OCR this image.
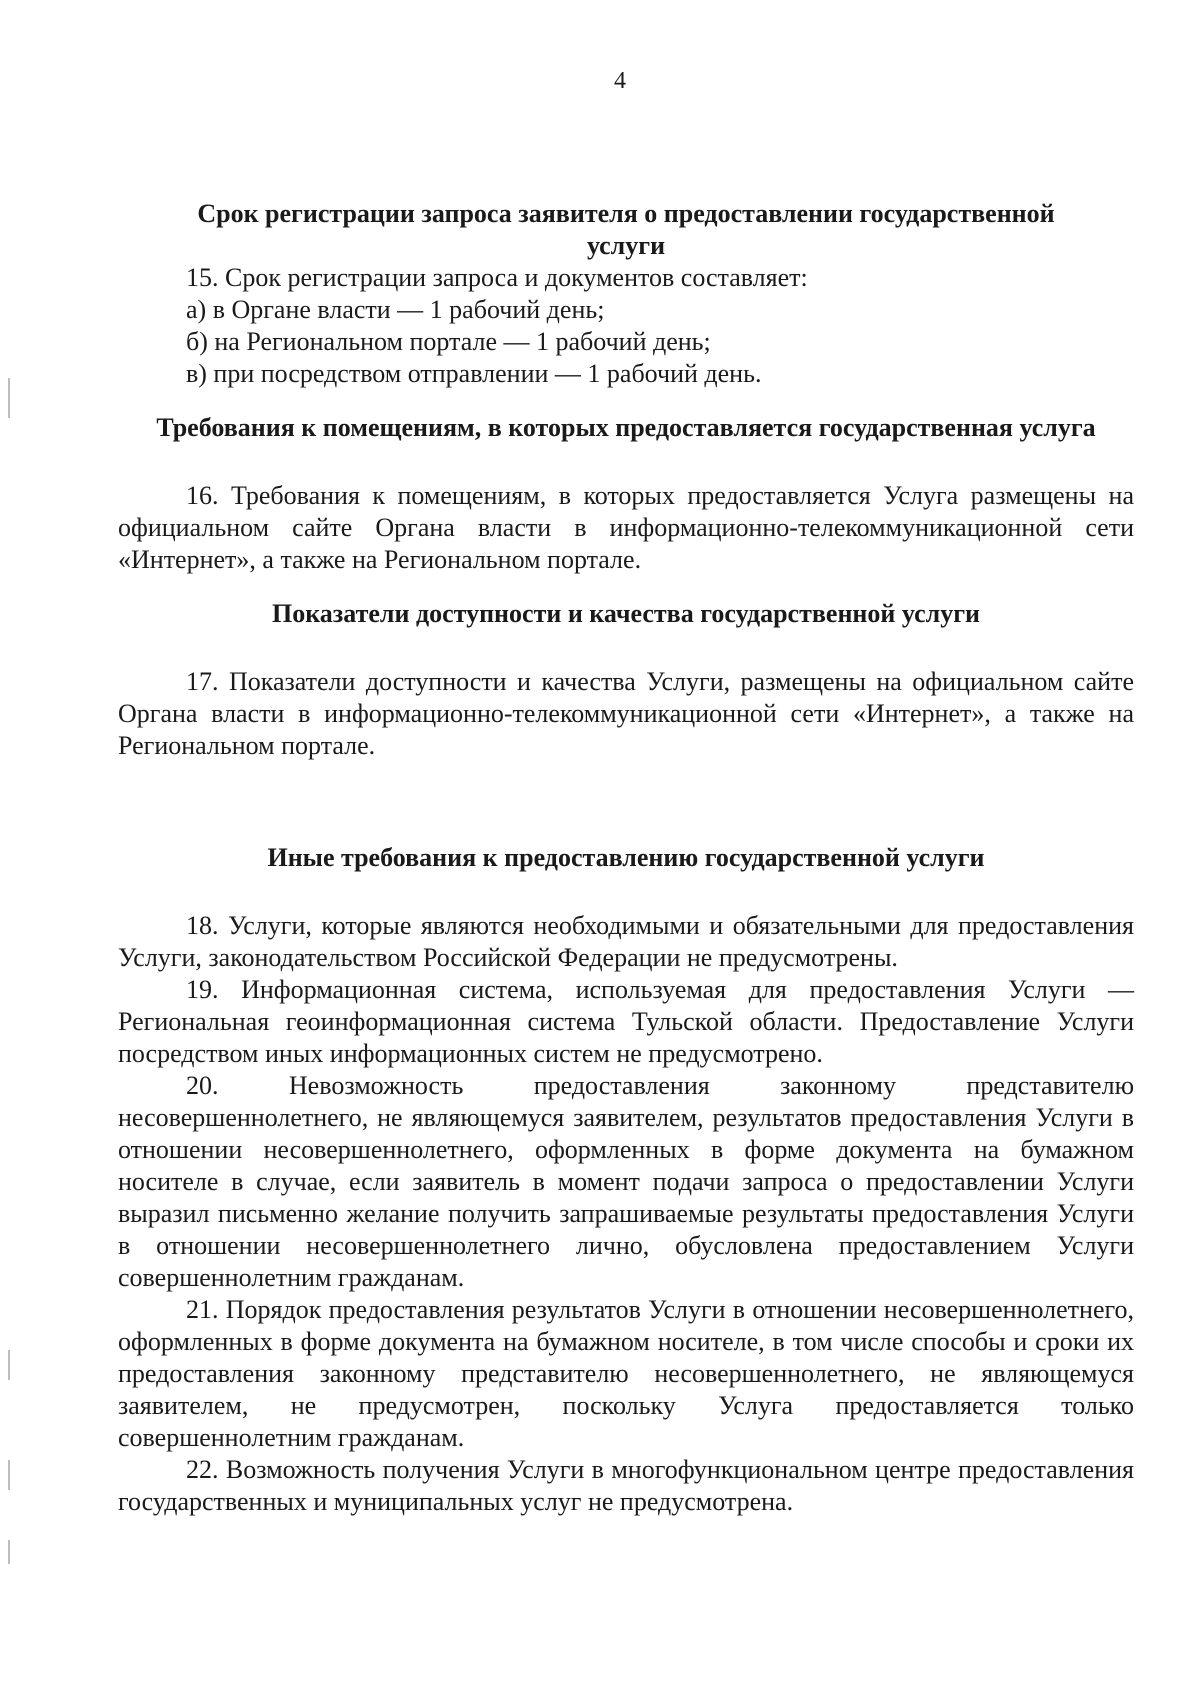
4

Срок регистрации запроса заявителя о предоставлении государственной

услуги

15. Срок регистрации запроса и документов составляет:

а) в Органе власти — 1 рабочий день;

б) на Региональном портале — 1 рабочий день;

в) при посредством отправлении — 1 рабочий день.

Требования к помещениям, в которых предоставляется государственная услуга

16. Требования к помещениям, в которых предоставляется Услуга размещены на официальном сайте Органа власти в информационно-телекоммуникационной сети «Интернет», а также на Региональном портале.

Показатели доступности и качества государственной услуги

17. Показатели доступности и качества Услуги, размещены на официальном сайте Органа власти в информационно-телекоммуникационной сети «Интернет», а также на Региональном портале.

Иные требования к предоставлению государственной услуги

18. Услуги, которые являются необходимыми и обязательными для предоставления Услуги, законодательством Российской Федерации не предусмотрены.

19. Информационная система, используемая для предоставления Услуги — Региональная геоинформационная система Тульской области. Предоставление Услуги посредством иных информационных систем не предусмотрено.

20. Невозможность предоставления законному представителю несовершеннолетнего, не являющемуся заявителем, результатов предоставления Услуги в отношении несовершеннолетнего, оформленных в форме документа на бумажном носителе в случае, если заявитель в момент подачи запроса о предоставлении Услуги выразил письменно желание получить запрашиваемые результаты предоставления Услуги в отношении несовершеннолетнего лично, обусловлена предоставлением Услуги совершеннолетним гражданам.

21. Порядок предоставления результатов Услуги в отношении несовершеннолетнего, оформленных в форме документа на бумажном носителе, в том числе способы и сроки их предоставления законному представителю несовершеннолетнего, не являющемуся заявителем, не предусмотрен, поскольку Услуга предоставляется только совершеннолетним гражданам.

22. Возможность получения Услуги в многофункциональном центре предоставления государственных и муниципальных услуг не предусмотрена.
